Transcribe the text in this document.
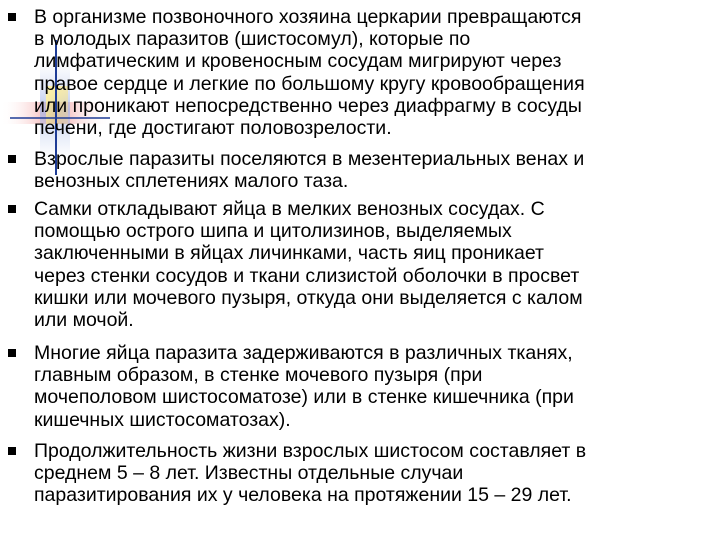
В организме позвоночного хозяина церкарии превращаются
в молодых паразитов (шистосомул), которые по
лимфатическим и кровеносным сосудам мигрируют через
правое сердце и легкие по большому кругу кровообращения
или проникают непосредственно через диафрагму в сосуды
печени, где достигают половозрелости.
Взрослые паразиты поселяются в мезентериальных венах и
венозных сплетениях малого таза.
Самки откладывают яйца в мелких венозных сосудах. С
помощью острого шипа и цитолизинов, выделяемых
заключенными в яйцах личинками, часть яиц проникает
через стенки сосудов и ткани слизистой оболочки в просвет
кишки или мочевого пузыря, откуда они выделяется с калом
или мочой.
Многие яйца паразита задерживаются в различных тканях,
главным образом, в стенке мочевого пузыря (при
мочеполовом шистосоматозе) или в стенке кишечника (при
кишечных шистосоматозах).
Продолжительность жизни взрослых шистосом составляет в
среднем 5 – 8 лет. Известны отдельные случаи
паразитирования их у человека на протяжении 15 – 29 лет.
